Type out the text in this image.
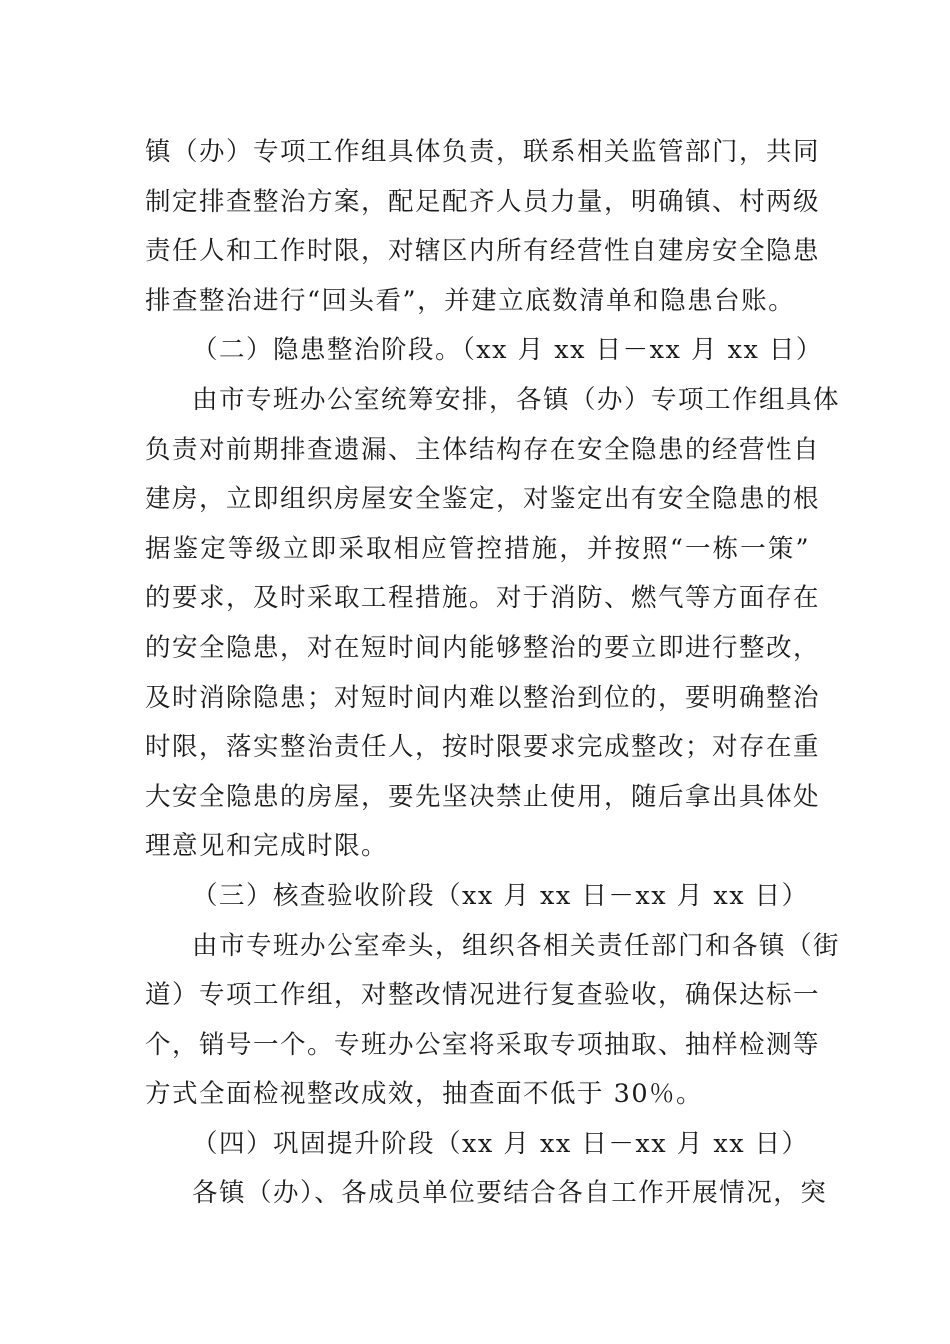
镇（办）专项工作组具体负责，联系相关监管部门，共同
制定排查整治方案，配足配齐人员力量，明确镇、村两级
责任人和工作时限，对辖区内所有经营性自建房安全隐患
排查整治进行“回头看”，并建立底数清单和隐患台账。
（二）隐患整治阶段。（xx 月 xx 日－xx 月 xx 日）
由市专班办公室统筹安排，各镇（办）专项工作组具体
负责对前期排查遗漏、主体结构存在安全隐患的经营性自
建房，立即组织房屋安全鉴定，对鉴定出有安全隐患的根
据鉴定等级立即采取相应管控措施，并按照“一栋一策”
的要求，及时采取工程措施。对于消防、燃气等方面存在
的安全隐患，对在短时间内能够整治的要立即进行整改，
及时消除隐患；对短时间内难以整治到位的，要明确整治
时限，落实整治责任人，按时限要求完成整改；对存在重
大安全隐患的房屋，要先坚决禁止使用，随后拿出具体处
理意见和完成时限。
（三）核查验收阶段（xx 月 xx 日－xx 月 xx 日）
由市专班办公室牵头，组织各相关责任部门和各镇（街
道）专项工作组，对整改情况进行复查验收，确保达标一
个，销号一个。专班办公室将采取专项抽取、抽样检测等
方式全面检视整改成效，抽查面不低于 30％。
（四）巩固提升阶段（xx 月 xx 日－xx 月 xx 日）
各镇（办）、各成员单位要结合各自工作开展情况，突
